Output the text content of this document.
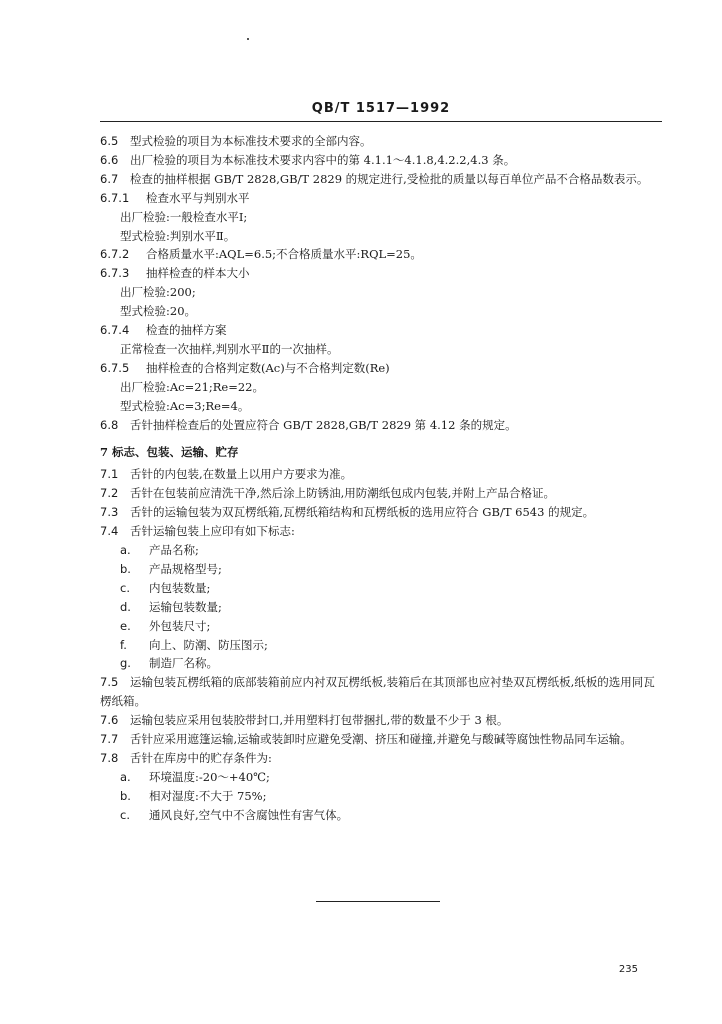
QB/T 1517—1992
6.5 型式检验的项目为本标准技术要求的全部内容。
6.6 出厂检验的项目为本标准技术要求内容中的第 4.1.1～4.1.8,4.2.2,4.3 条。
6.7 检查的抽样根据 GB/T 2828,GB/T 2829 的规定进行,受检批的质量以每百单位产品不合格品数表示。
6.7.1 检查水平与判别水平
出厂检验:一般检查水平Ⅰ;
型式检验:判别水平Ⅱ。
6.7.2 合格质量水平:AQL=6.5;不合格质量水平:RQL=25。
6.7.3 抽样检查的样本大小
出厂检验:200;
型式检验:20。
6.7.4 检查的抽样方案
正常检查一次抽样,判别水平Ⅱ的一次抽样。
6.7.5 抽样检查的合格判定数(Ac)与不合格判定数(Re)
出厂检验:Ac=21;Re=22。
型式检验:Ac=3;Re=4。
6.8 舌针抽样检查后的处置应符合 GB/T 2828,GB/T 2829 第 4.12 条的规定。
7 标志、包装、运输、贮存
7.1 舌针的内包装,在数量上以用户方要求为准。
7.2 舌针在包装前应清洗干净,然后涂上防锈油,用防潮纸包成内包装,并附上产品合格证。
7.3 舌针的运输包装为双瓦楞纸箱,瓦楞纸箱结构和瓦楞纸板的选用应符合 GB/T 6543 的规定。
7.4 舌针运输包装上应印有如下标志:
a. 产品名称;
b. 产品规格型号;
c. 内包装数量;
d. 运输包装数量;
e. 外包装尺寸;
f. 向上、防潮、防压图示;
g. 制造厂名称。
7.5 运输包装瓦楞纸箱的底部装箱前应内衬双瓦楞纸板,装箱后在其顶部也应衬垫双瓦楞纸板,纸板的选用同瓦楞纸箱。
7.6 运输包装应采用包装胶带封口,并用塑料打包带捆扎,带的数量不少于 3 根。
7.7 舌针应采用遮篷运输,运输或装卸时应避免受潮、挤压和碰撞,并避免与酸碱等腐蚀性物品同车运输。
7.8 舌针在库房中的贮存条件为:
a. 环境温度:-20～+40℃;
b. 相对湿度:不大于 75%;
c. 通风良好,空气中不含腐蚀性有害气体。
235
